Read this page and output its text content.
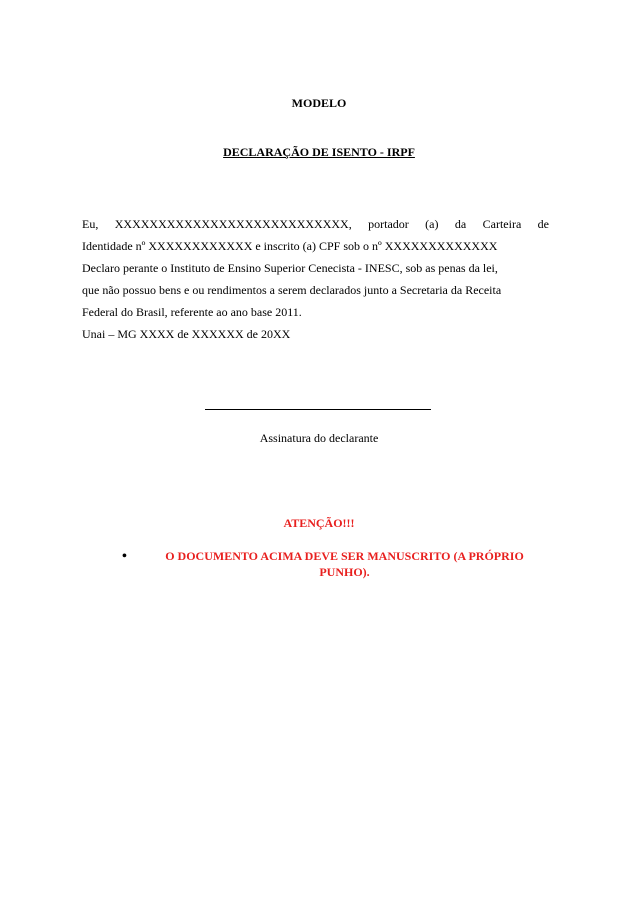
MODELO
DECLARAÇÃO DE ISENTO - IRPF
Eu, XXXXXXXXXXXXXXXXXXXXXXXXXXX, portador (a) da Carteira de
Identidade nº XXXXXXXXXXXX e inscrito (a) CPF sob o nº XXXXXXXXXXXXX
Declaro perante o Instituto de Ensino Superior Cenecista - INESC, sob as penas da lei,
que não possuo bens e ou rendimentos a serem declarados junto a Secretaria da Receita
Federal do Brasil, referente ao ano base 2011.
Unai – MG XXXX de XXXXXX de 20XX
Assinatura do declarante
ATENÇÃO!!!
•	O DOCUMENTO ACIMA DEVE SER MANUSCRITO (A PRÓPRIO PUNHO).
